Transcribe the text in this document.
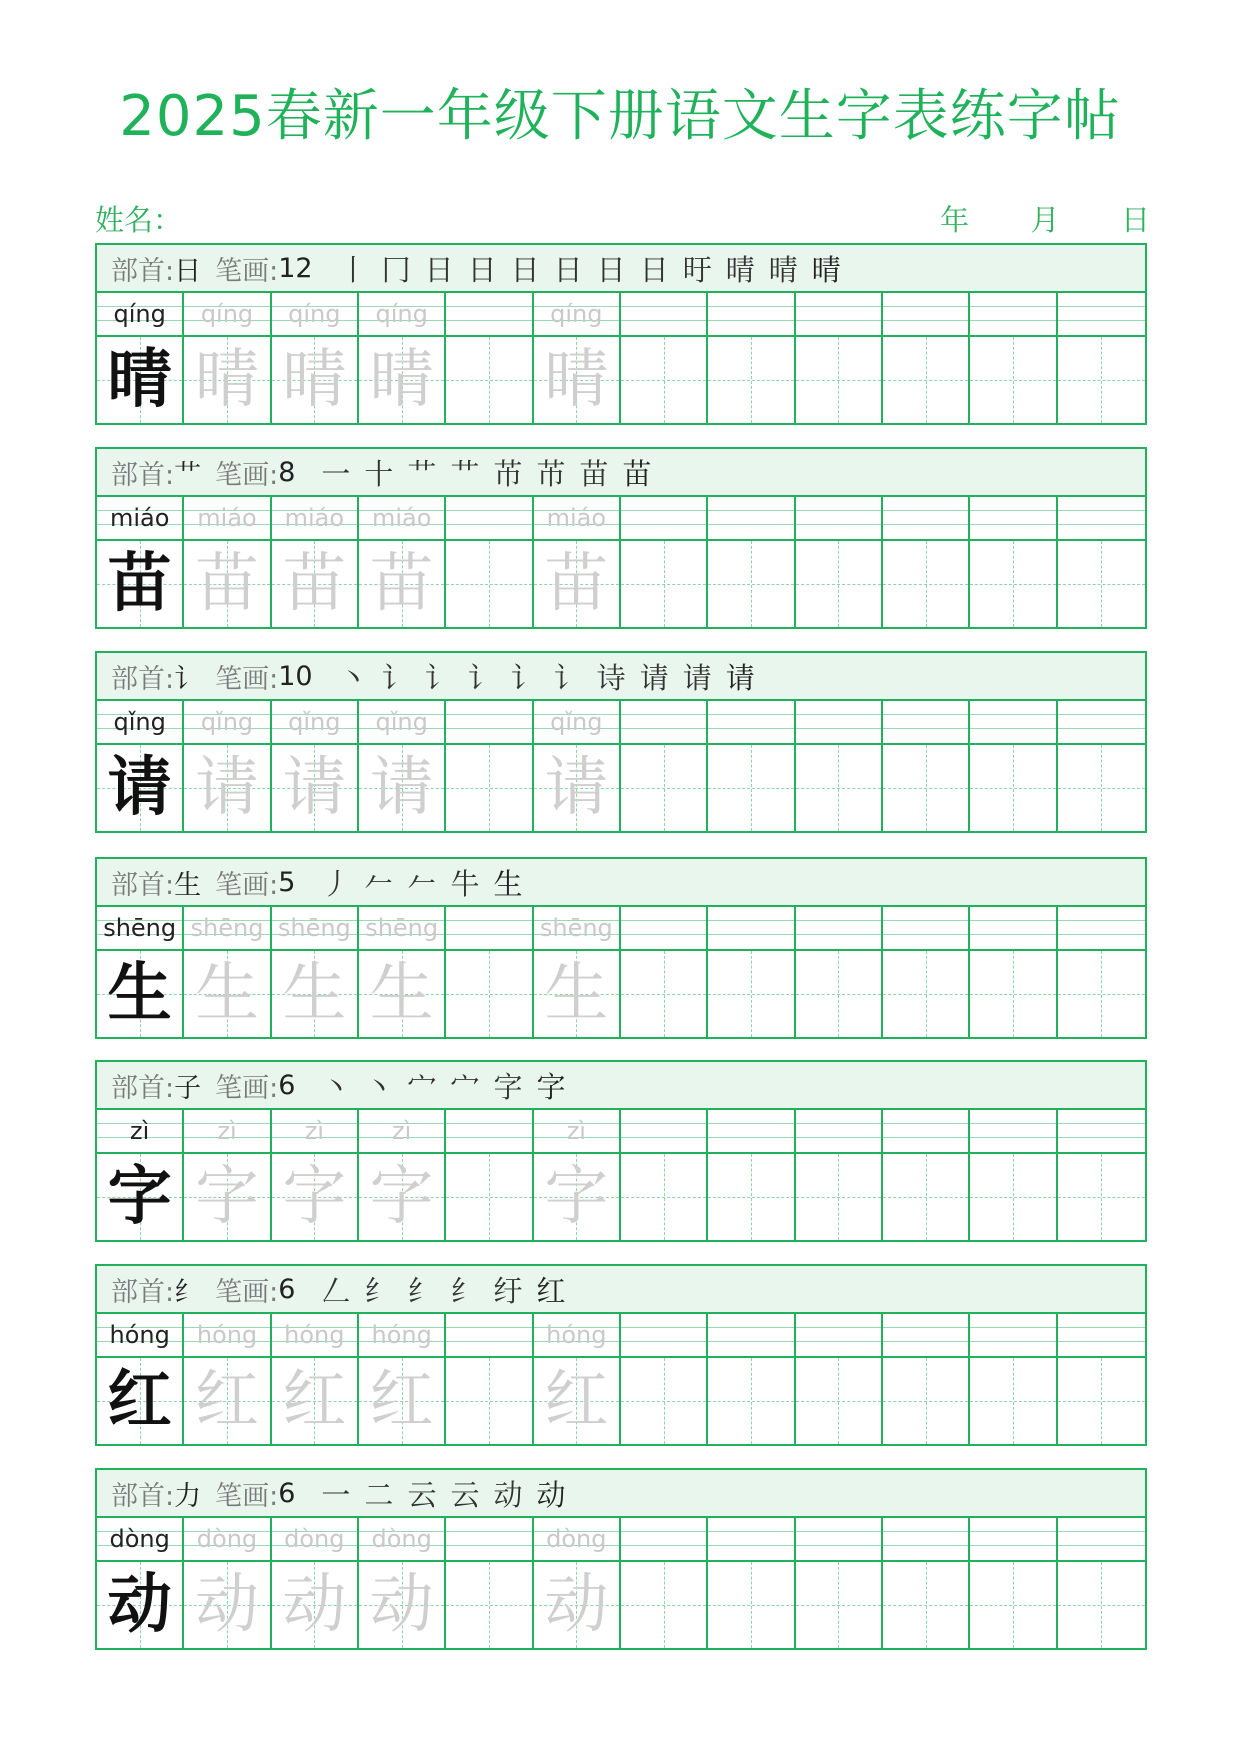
2025春新一年级下册语文生字表练字帖
姓名：	年 月 日
部首: 日 笔画: 12 丨 冂 日 日 日 日 日 日 旴 晴 晴 晴
qíng	qíng	qíng	qíng	qíng
晴 晴 晴 晴 晴
部首: 艹 笔画: 8 一 十 艹 艹 芇 芇 苗 苗
miáo	miáo	miáo	miáo	miáo
苗 苗 苗 苗 苗
部首: 讠 笔画: 10 丶 讠 讠 讠 讠 讠 诗 请 请 请
qǐng	qǐng	qǐng	qǐng	qǐng
请 请 请 请 请
部首: 生 笔画: 5 丿 𠂉 𠂉 牛 生
shēng shēng shēng shēng	shēng
生 生 生 生 生
部首: 子 笔画: 6 丶 丶 宀 宀 字 字
zì	zì	zì	zì	zì
字 字 字 字 字
部首: 纟 笔画: 6 𠃋 纟 纟 纟 纡 红
hóng	hóng	hóng	hóng	hóng
红 红 红 红 红
部首: 力 笔画: 6 一 二 云 云 动 动
dòng	dòng	dòng	dòng	dòng
动 动 动 动 动
